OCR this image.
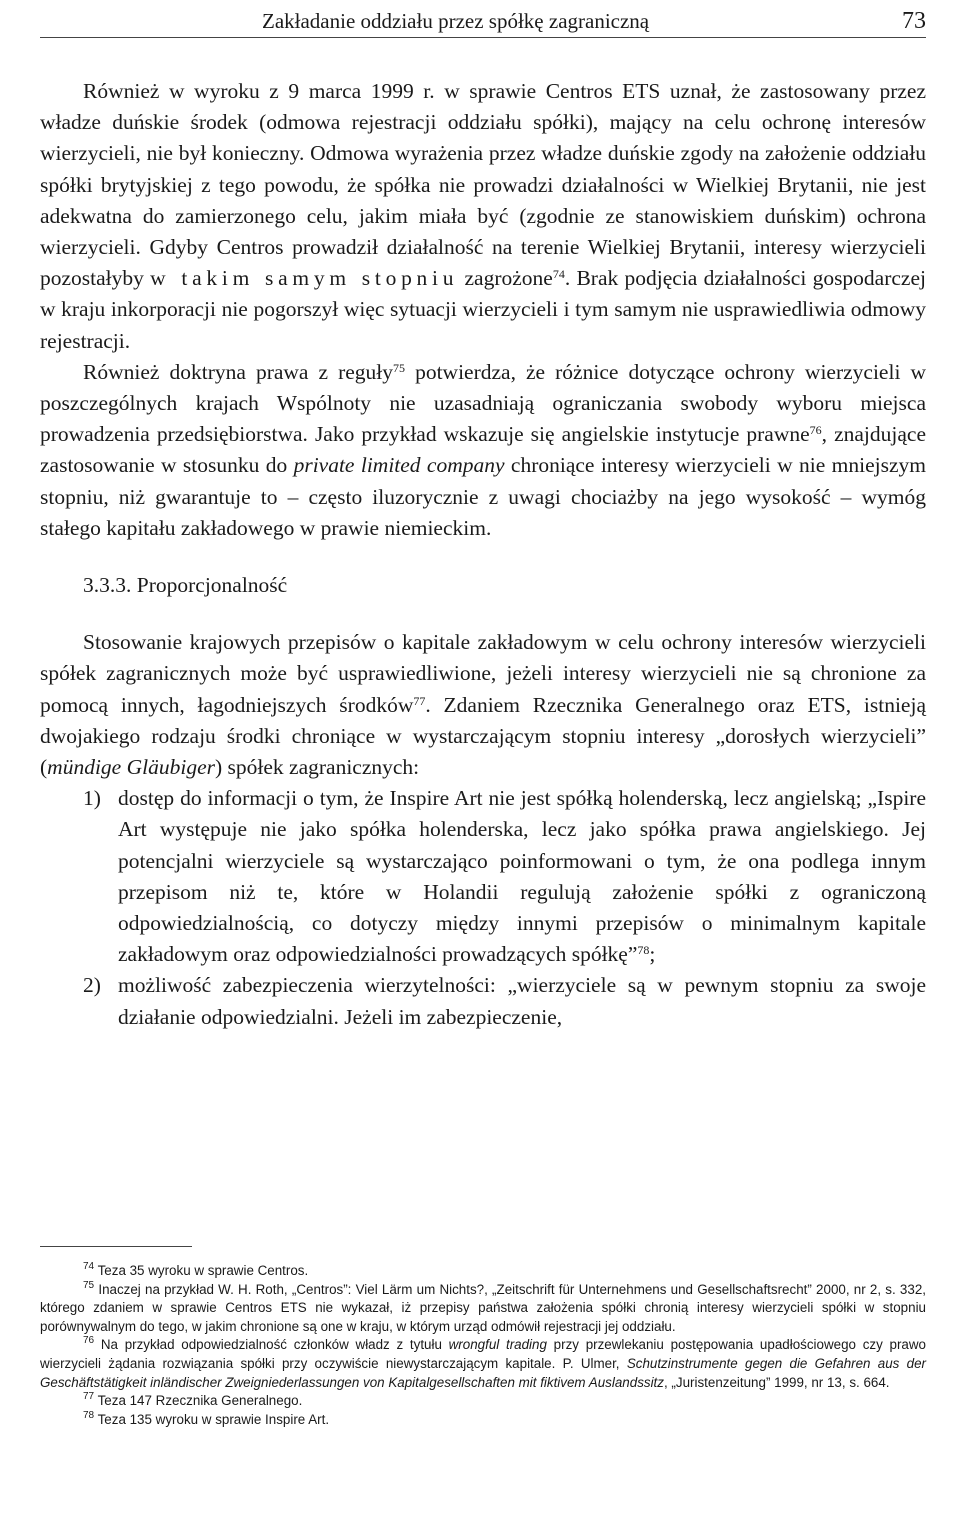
Zakładanie oddziału przez spółkę zagraniczną	73

Również w wyroku z 9 marca 1999 r. w sprawie Centros ETS uznał, że zastosowany przez władze duńskie środek (odmowa rejestracji oddziału spółki), mający na celu ochronę interesów wierzycieli, nie był konieczny. Odmowa wyrażenia przez władze duńskie zgody na założenie oddziału spółki brytyjskiej z tego powodu, że spółka nie prowadzi działalności w Wielkiej Brytanii, nie jest adekwatna do zamierzonego celu, jakim miała być (zgodnie ze stanowiskiem duńskim) ochrona wierzycieli. Gdyby Centros prowadził działalność na terenie Wielkiej Brytanii, interesy wierzycieli pozostałyby w takim samym stopniu zagrożone$^{74}$. Brak podjęcia działalności gospodarczej w kraju inkorporacji nie pogorszył więc sytuacji wierzycieli i tym samym nie usprawiedliwia odmowy rejestracji.

Również doktryna prawa z reguły$^{75}$ potwierdza, że różnice dotyczące ochrony wierzycieli w poszczególnych krajach Wspólnoty nie uzasadniają ograniczania swobody wyboru miejsca prowadzenia przedsiębiorstwa. Jako przykład wskazuje się angielskie instytucje prawne$^{76}$, znajdujące zastosowanie w stosunku do private limited company chroniące interesy wierzycieli w nie mniejszym stopniu, niż gwarantuje to – często iluzorycznie z uwagi chociażby na jego wysokość – wymóg stałego kapitału zakładowego w prawie niemieckim.

3.3.3. Proporcjonalność

Stosowanie krajowych przepisów o kapitale zakładowym w celu ochrony interesów wierzycieli spółek zagranicznych może być usprawiedliwione, jeżeli interesy wierzycieli nie są chronione za pomocą innych, łagodniejszych środków$^{77}$. Zdaniem Rzecznika Generalnego oraz ETS, istnieją dwojakiego rodzaju środki chroniące w wystarczającym stopniu interesy „dorosłych wierzycieli” (mündige Gläubiger) spółek zagranicznych:

1) dostęp do informacji o tym, że Inspire Art nie jest spółką holenderską, lecz angielską; „Ispire Art występuje nie jako spółka holenderska, lecz jako spółka prawa angielskiego. Jej potencjalni wierzyciele są wystarczająco poinformowani o tym, że ona podlega innym przepisom niż te, które w Holandii regulują założenie spółki z ograniczoną odpowiedzialnością, co dotyczy między innymi przepisów o minimalnym kapitale zakładowym oraz odpowiedzialności prowadzących spółkę”$^{78}$;
2) możliwość zabezpieczenia wierzytelności: „wierzyciele są w pewnym stopniu za swoje działanie odpowiedzialni. Jeżeli im zabezpieczenie,

$^{74}$ Teza 35 wyroku w sprawie Centros.

$^{75}$ Inaczej na przykład W. H. Roth, „Centros”: Viel Lärm um Nichts?, „Zeitschrift für Unternehmens und Gesellschaftsrecht” 2000, nr 2, s. 332, którego zdaniem w sprawie Centros ETS nie wykazał, iż przepisy państwa założenia spółki chronią interesy wierzycieli spółki w stopniu porównywalnym do tego, w jakim chronione są one w kraju, w którym urząd odmówił rejestracji jej oddziału.

$^{76}$ Na przykład odpowiedzialność członków władz z tytułu wrongful trading przy przewlekaniu postępowania upadłościowego czy prawo wierzycieli żądania rozwiązania spółki przy oczywiście niewystarczającym kapitale. P. Ulmer, Schutzinstrumente gegen die Gefahren aus der Geschäftstätigkeit inländischer Zweigniederlassungen von Kapitalgesellschaften mit fiktivem Auslandssitz, „Juristenzeitung” 1999, nr 13, s. 664.

$^{77}$ Teza 147 Rzecznika Generalnego.

$^{78}$ Teza 135 wyroku w sprawie Inspire Art.
